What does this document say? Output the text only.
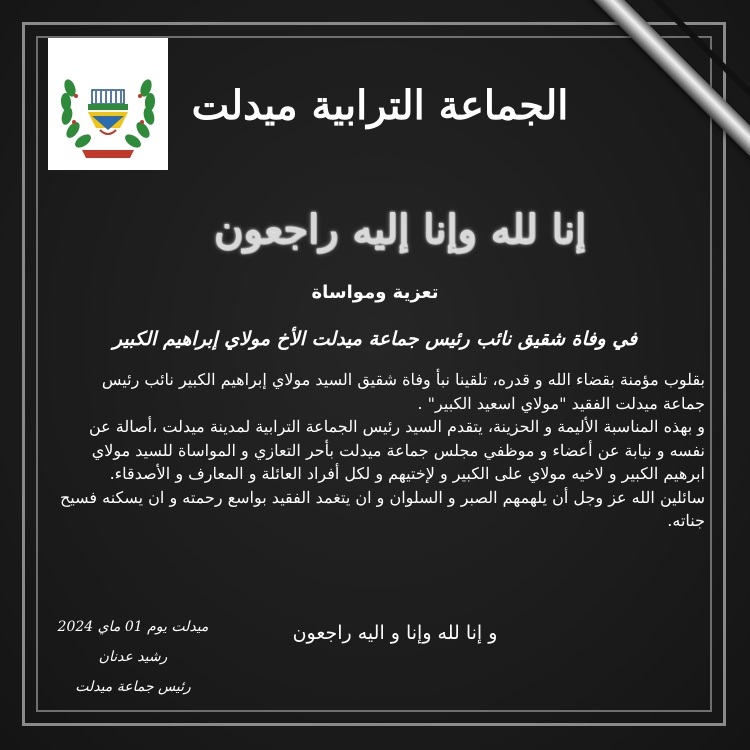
الجماعة الترابية ميدلت
إنا لله وإنا إليه راجعون
تعزية ومواساة
في وفاة شقيق نائب رئيس جماعة ميدلت الأخ مولاي إبراهيم الكبير

بقلوب مؤمنة بقضاء الله و قدره، تلقينا نبأ وفاة شقيق السيد مولاي إبراهيم الكبير نائب رئيس جماعة ميدلت الفقيد "مولاي اسعيد الكبير" .

و بهذه المناسبة الأليمة و الحزينة، يتقدم السيد رئيس الجماعة الترابية لمدينة ميدلت ،أصالة عن نفسه و نيابة عن أعضاء و موظفي مجلس جماعة ميدلت بأحر التعازي و المواساة للسيد مولاي ابرهيم الكبير و لاخيه مولاي على الكبير و لإختيهم و لكل أفراد العائلة و المعارف و الأصدقاء.

سائلين الله عز وجل أن يلهمهم الصبر و السلوان و ان يتغمد الفقيد بواسع رحمته و ان يسكنه فسيح جناته.

و إنا لله وإنا و اليه راجعون
ميدلت يوم 01 ماي 2024
رشيد عدنان
رئيس جماعة ميدلت
